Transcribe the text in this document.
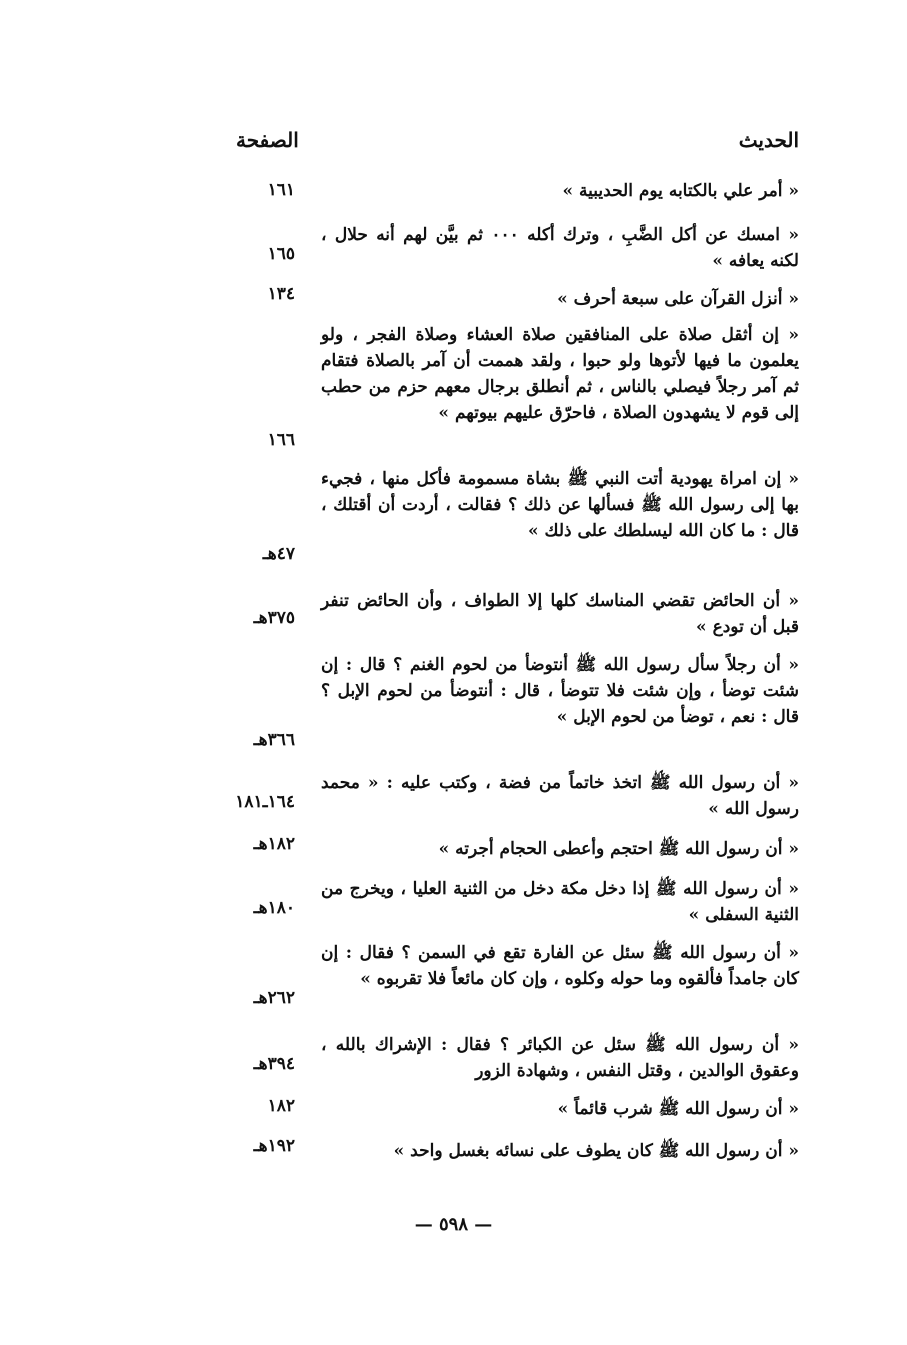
الحديث
الصفحة
« أمر علي بالكتابه يوم الحديبية »
١٦١
« امسك عن أكل الضَّبِ ، وترك أكله ٠٠٠ ثم بيَّن لهم أنه حلال ، لكنه يعافه »
١٦٥
« أنزل القرآن على سبعة أحرف »
١٣٤
« إن أثقل صلاة على المنافقين صلاة العشاء وصلاة الفجر ، ولو يعلمون ما فيها لأتوها ولو حبوا ، ولقد هممت أن آمر بالصلاة فتقام ثم آمر رجلاً فيصلي بالناس ، ثم أنطلق برجال معهم حزم من حطب إلى قوم لا يشهدون الصلاة ، فاحرّق عليهم بيوتهم »
١٦٦
« إن امراة يهودية أتت النبي ﷺ بشاة مسمومة فأكل منها ، فجيء بها إلى رسول الله ﷺ فسألها عن ذلك ؟ فقالت ، أردت أن أقتلك ، قال : ما كان الله ليسلطك على ذلك »
٤٧هـ
« أن الحائض تقضي المناسك كلها إلا الطواف ، وأن الحائض تنفر قبل أن تودع »
٣٧٥هـ
« أن رجلاً سأل رسول الله ﷺ أنتوضأ من لحوم الغنم ؟ قال : إن شئت توضأ ، وإن شئت فلا تتوضأ ، قال : أنتوضأ من لحوم الإبل ؟ قال : نعم ، توضأ من لحوم الإبل »
٣٦٦هـ
« أن رسول الله ﷺ اتخذ خاتماً من فضة ، وكتب عليه : « محمد رسول الله »
١٦٤ـ١٨١
« أن رسول الله ﷺ احتجم وأعطى الحجام أجرته »
١٨٢هـ
« أن رسول الله ﷺ إذا دخل مكة دخل من الثنية العليا ، ويخرج من الثنية السفلى »
١٨٠هـ
« أن رسول الله ﷺ سئل عن الفارة تقع في السمن ؟ فقال : إن كان جامداً فألقوه وما حوله وكلوه ، وإن كان مائعاً فلا تقربوه »
٢٦٢هـ
« أن رسول الله ﷺ سئل عن الكبائر ؟ فقال : الإشراك بالله ، وعقوق الوالدين ، وقتل النفس ، وشهادة الزور
٣٩٤هـ
« أن رسول الله ﷺ شرب قائماً »
١٨٢
« أن رسول الله ﷺ كان يطوف على نسائه بغسل واحد »
١٩٢هـ
— ٥٩٨ —
